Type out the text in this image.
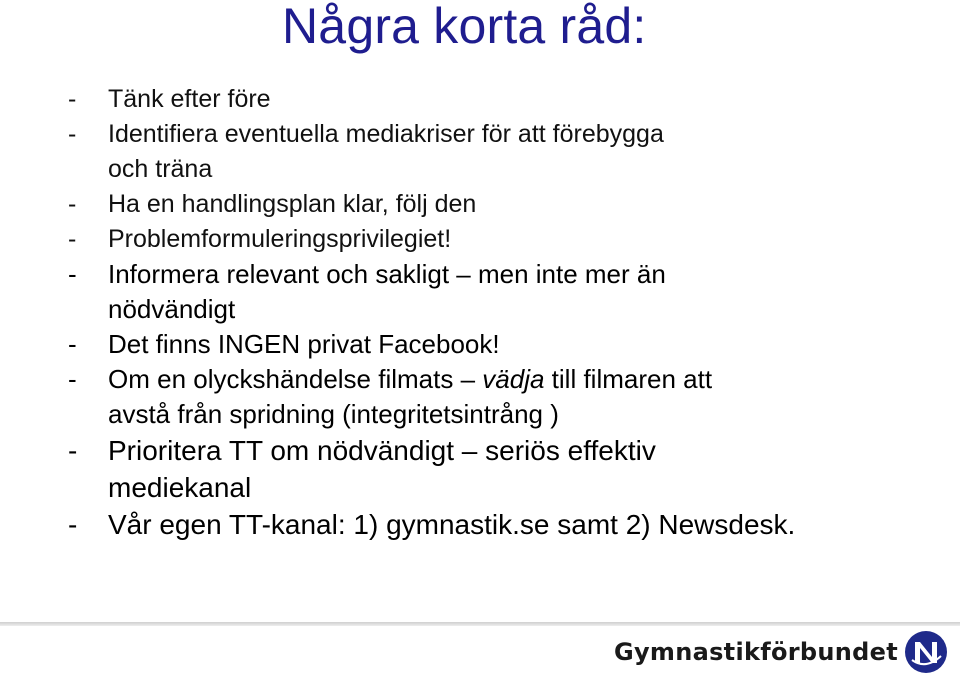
Några korta råd:
- Tänk efter före
- Identifiera eventuella mediakriser för att förebygga
och träna
- Ha en handlingsplan klar, följ den
- Problemformuleringsprivilegiet!
- Informera relevant och sakligt – men inte mer än
nödvändigt
- Det finns INGEN privat Facebook!
- Om en olyckshändelse filmats – vädja till filmaren att
avstå från spridning (integritetsintrång )
- Prioritera TT om nödvändigt – seriös effektiv
mediekanal
- Vår egen TT-kanal: 1) gymnastik.se samt 2) Newsdesk.
Gymnastikförbundet
